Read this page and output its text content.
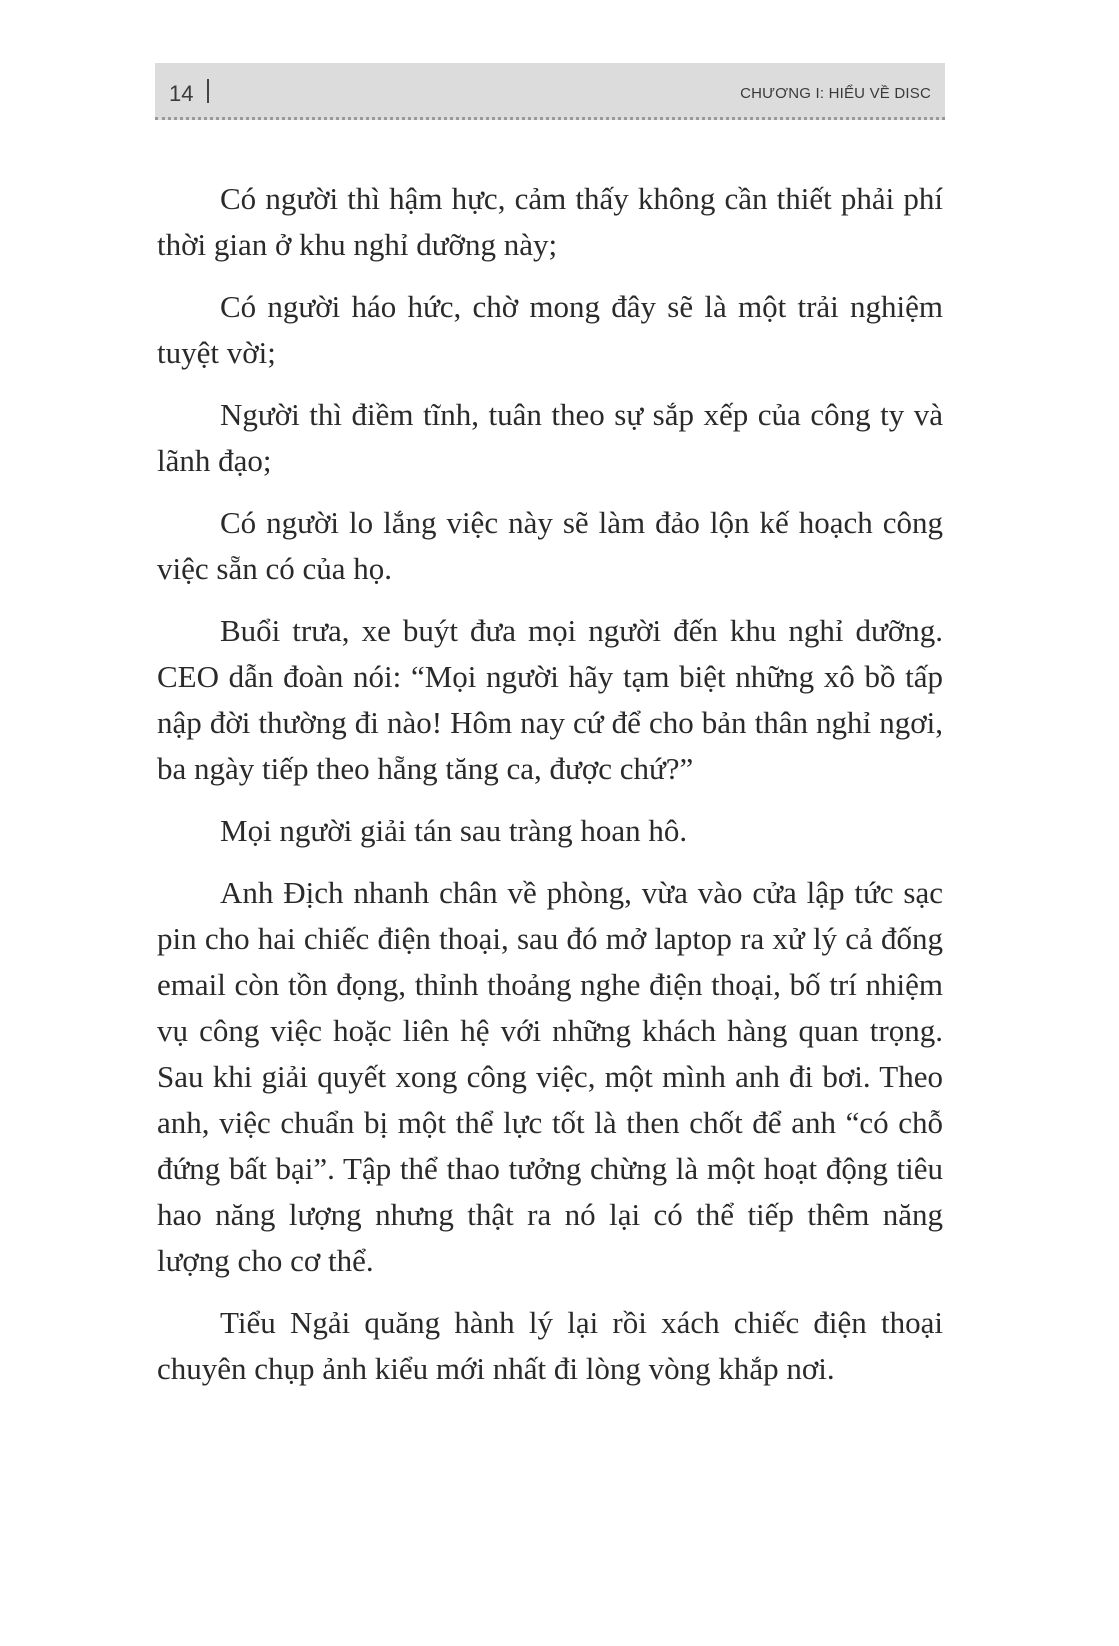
14	CHƯƠNG I: HIỂU VỀ DISC

Có người thì hậm hực, cảm thấy không cần thiết phải phí thời gian ở khu nghỉ dưỡng này;

Có người háo hức, chờ mong đây sẽ là một trải nghiệm tuyệt vời;

Người thì điềm tĩnh, tuân theo sự sắp xếp của công ty và lãnh đạo;

Có người lo lắng việc này sẽ làm đảo lộn kế hoạch công việc sẵn có của họ.

Buổi trưa, xe buýt đưa mọi người đến khu nghỉ dưỡng. CEO dẫn đoàn nói: “Mọi người hãy tạm biệt những xô bồ tấp nập đời thường đi nào! Hôm nay cứ để cho bản thân nghỉ ngơi, ba ngày tiếp theo hẵng tăng ca, được chứ?”

Mọi người giải tán sau tràng hoan hô.

Anh Địch nhanh chân về phòng, vừa vào cửa lập tức sạc pin cho hai chiếc điện thoại, sau đó mở laptop ra xử lý cả đống email còn tồn đọng, thỉnh thoảng nghe điện thoại, bố trí nhiệm vụ công việc hoặc liên hệ với những khách hàng quan trọng. Sau khi giải quyết xong công việc, một mình anh đi bơi. Theo anh, việc chuẩn bị một thể lực tốt là then chốt để anh “có chỗ đứng bất bại”. Tập thể thao tưởng chừng là một hoạt động tiêu hao năng lượng nhưng thật ra nó lại có thể tiếp thêm năng lượng cho cơ thể.

Tiểu Ngải quăng hành lý lại rồi xách chiếc điện thoại chuyên chụp ảnh kiểu mới nhất đi lòng vòng khắp nơi.
